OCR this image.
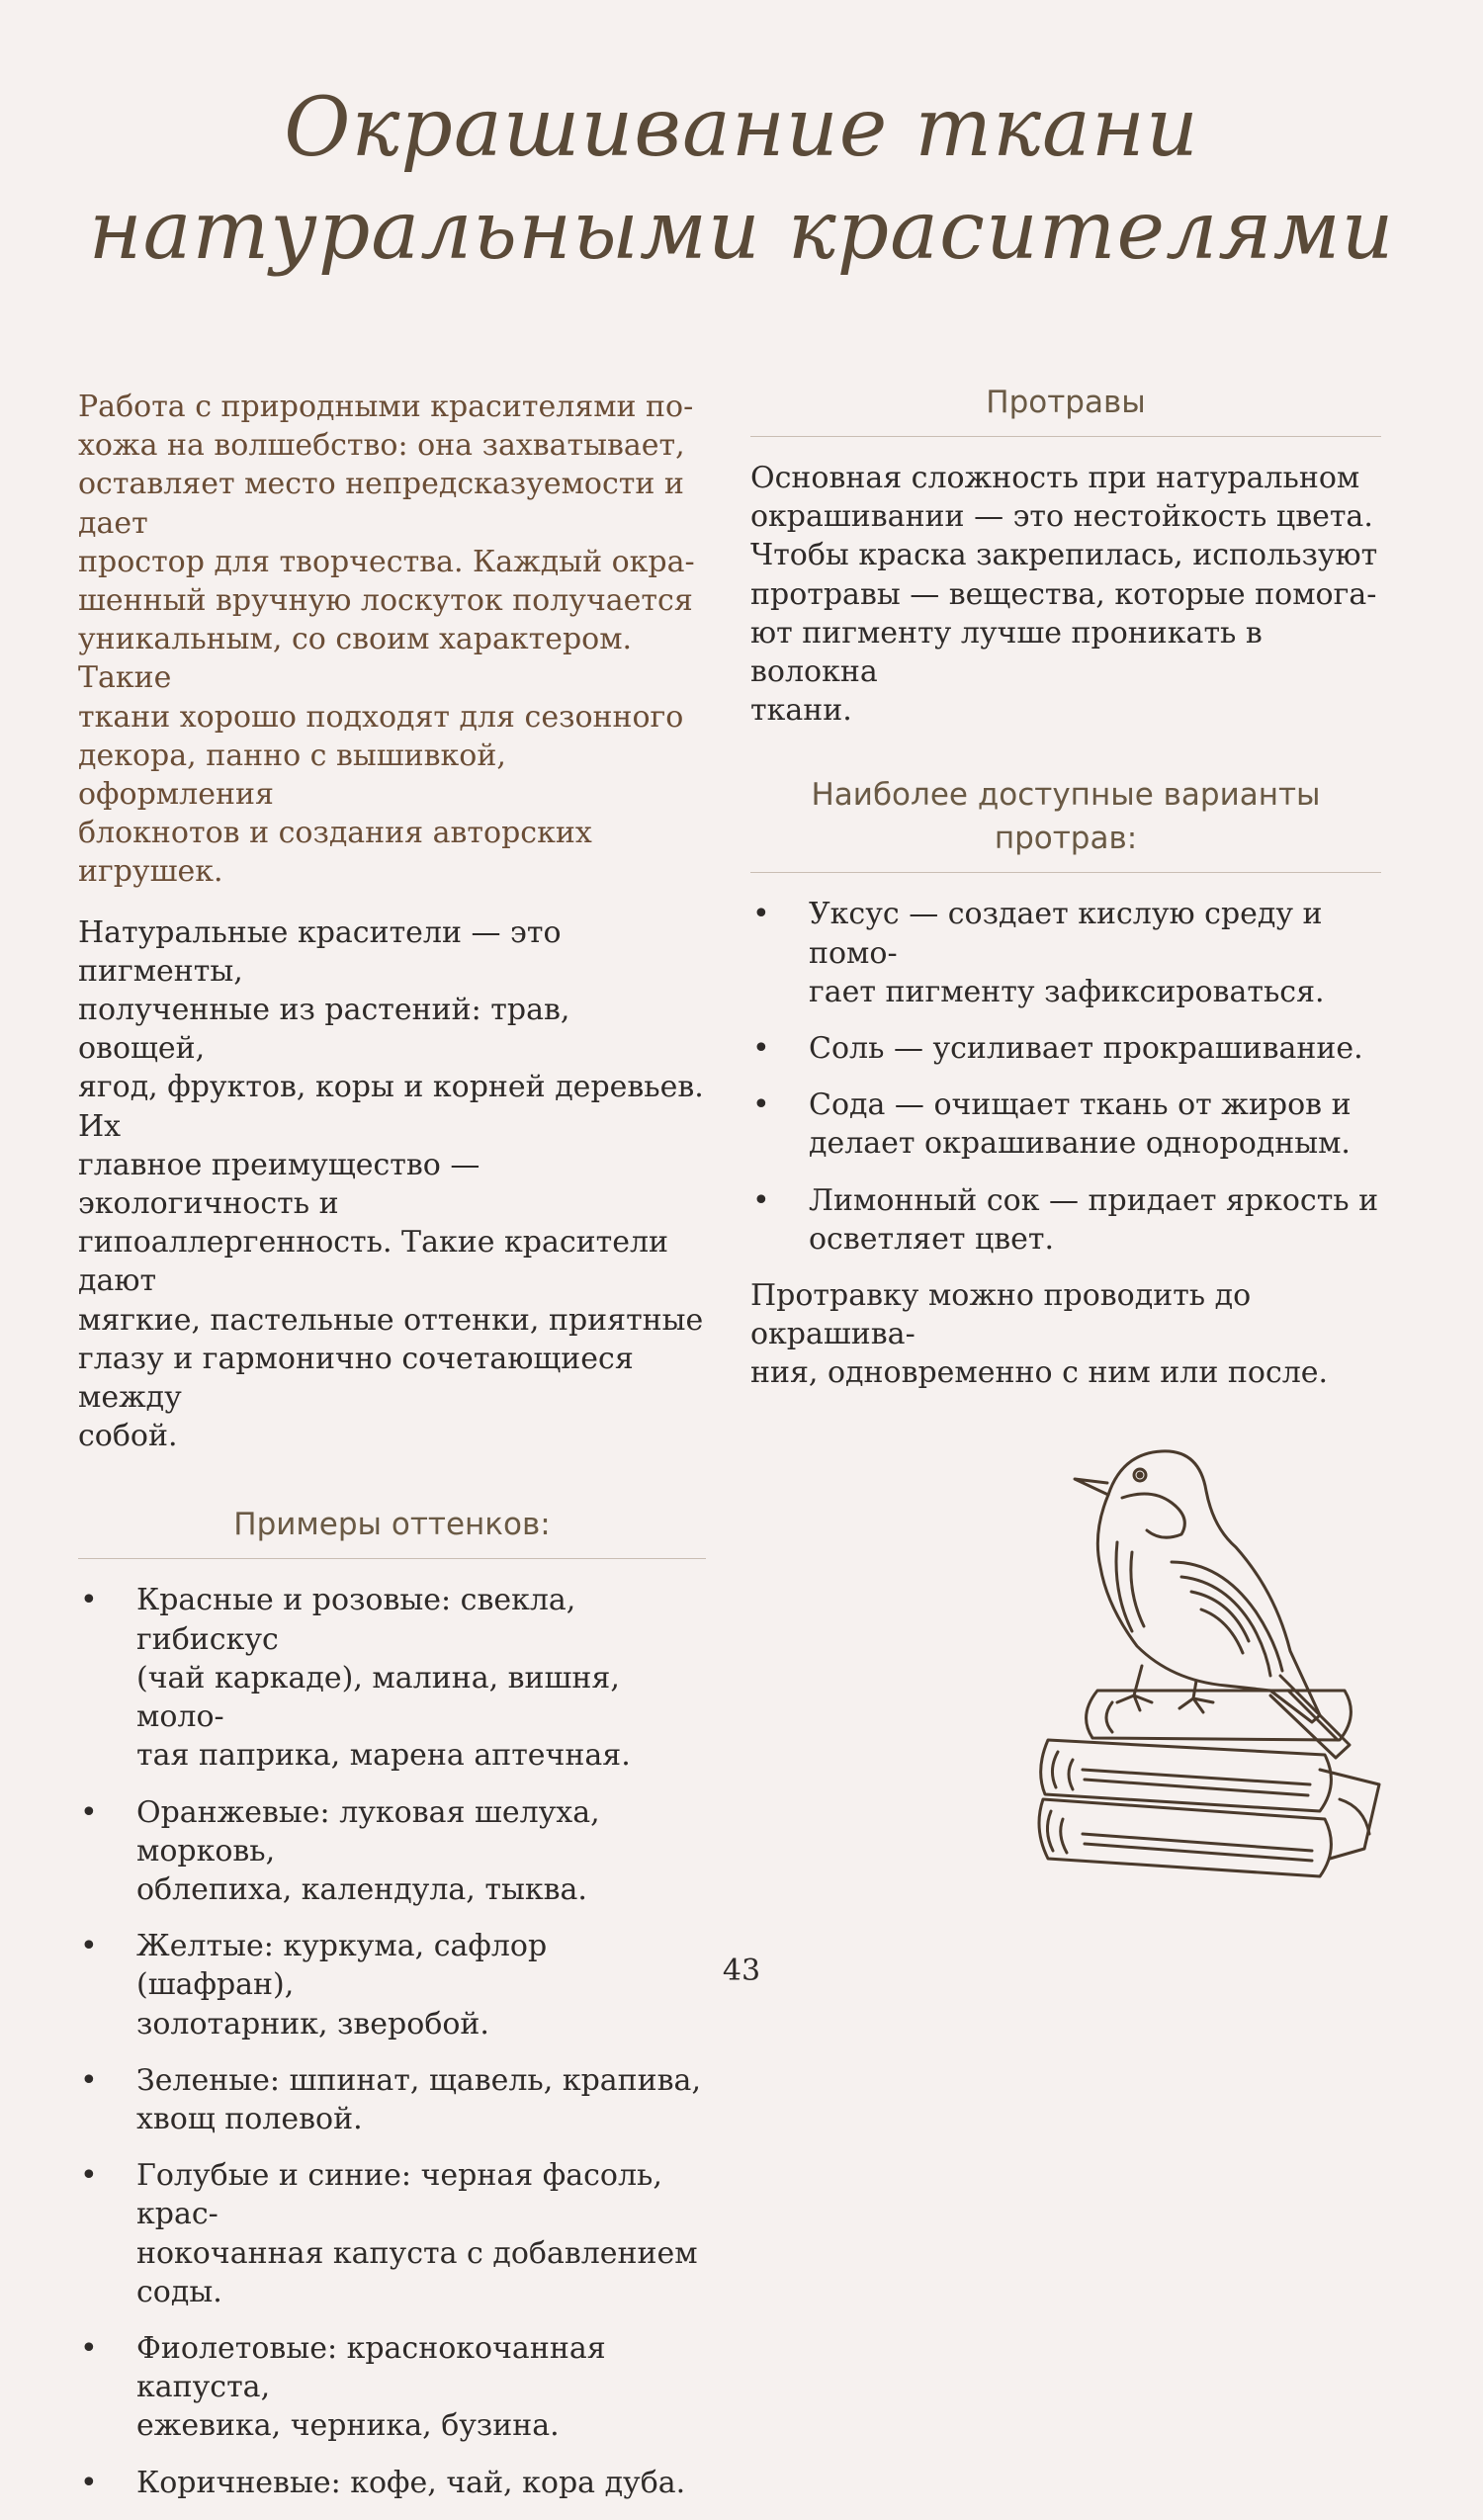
Окрашивание ткани
натуральными красителями

Работа с природными красителями по-
хожа на волшебство: она захватывает,
оставляет место непредсказуемости и дает
простор для творчества. Каждый окра-
шенный вручную лоскуток получается
уникальным, со своим характером. Такие
ткани хорошо подходят для сезонного
декора, панно с вышивкой, оформления
блокнотов и создания авторских игрушек.

Натуральные красители — это пигменты,
полученные из растений: трав, овощей,
ягод, фруктов, коры и корней деревьев. Их
главное преимущество — экологичность и
гипоаллергенность. Такие красители дают
мягкие, пастельные оттенки, приятные
глазу и гармонично сочетающиеся между
собой.

Примеры оттенков:
• Красные и розовые: свекла, гибискус
(чай каркаде), малина, вишня, моло-
тая паприка, марена аптечная.
• Оранжевые: луковая шелуха, морковь,
облепиха, календула, тыква.
• Желтые: куркума, сафлор (шафран),
золотарник, зверобой.
• Зеленые: шпинат, щавель, крапива,
хвощ полевой.
• Голубые и синие: черная фасоль, крас-
нокочанная капуста с добавлением
соды.
• Фиолетовые: краснокочанная капуста,
ежевика, черника, бузина.
• Коричневые: кофе, чай, кора дуба.
Протравы

Основная сложность при натуральном
окрашивании — это нестойкость цвета.
Чтобы краска закрепилась, используют
протравы — вещества, которые помога-
ют пигменту лучше проникать в волокна
ткани.

Наиболее доступные варианты
протрав:
• Уксус — создает кислую среду и помо-
гает пигменту зафиксироваться.
• Соль — усиливает прокрашивание.
• Сода — очищает ткань от жиров и
делает окрашивание однородным.
• Лимонный сок — придает яркость и
осветляет цвет.

Протравку можно проводить до окрашива-
ния, одновременно с ним или после.

43
